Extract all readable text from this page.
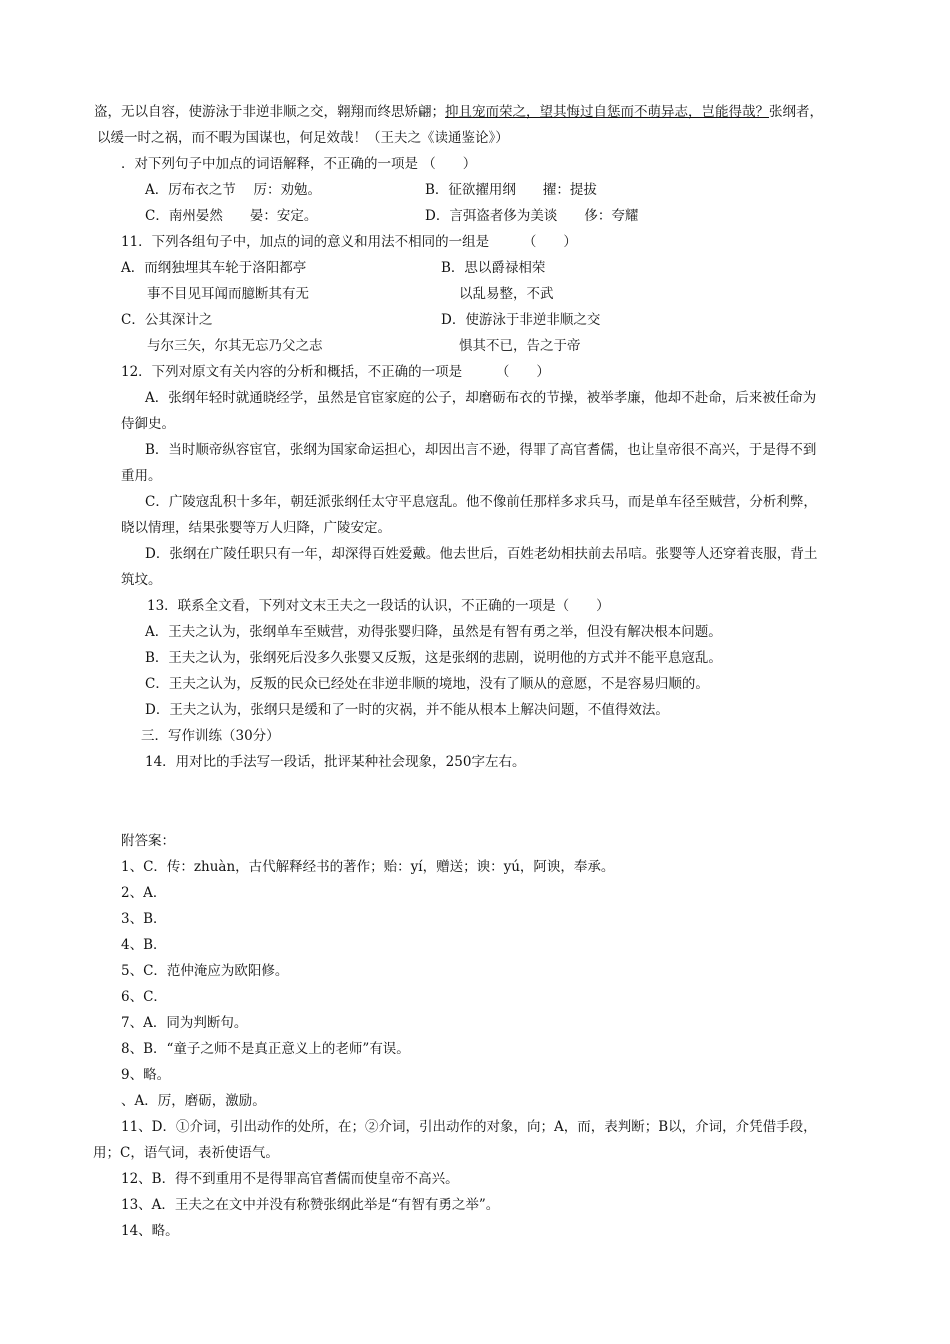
盗，无以自容，使游泳于非逆非顺之交，翱翔而终思矫翩；抑且宠而荣之，望其悔过自惩而不萌异志，岂能得哉？张纲者，
以缓一时之祸，而不暇为国谋也，何足效哉！（王夫之《读通鉴论》）
．对下列句子中加点的词语解释，不正确的一项是 （　　）
A．厉布衣之节　 厉：劝勉。	B．征欲擢用纲　　擢：提拔
C．南州晏然　　晏：安定。	D．言弭盗者侈为美谈　　侈：夸耀
11．下列各组句子中，加点的词的意义和用法不相同的一组是　　　（　　）
A．而纲独埋其车轮于洛阳都亭	B．思以爵禄相荣
事不目见耳闻而臆断其有无	以乱易整，不武
C．公其深计之	D．使游泳于非逆非顺之交
与尔三矢，尔其无忘乃父之志	惧其不已，告之于帝
12．下列对原文有关内容的分析和概括，不正确的一项是　　　（　　）
A．张纲年轻时就通晓经学，虽然是官宦家庭的公子，却磨砺布衣的节操，被举孝廉，他却不赴命，后来被任命为
侍御史。
B．当时顺帝纵容宦官，张纲为国家命运担心，却因出言不逊，得罪了高官耆儒，也让皇帝很不高兴，于是得不到
重用。
C．广陵寇乱积十多年，朝廷派张纲任太守平息寇乱。他不像前任那样多求兵马，而是单车径至贼营，分析利弊，
晓以情理，结果张婴等万人归降，广陵安定。
D．张纲在广陵任职只有一年，却深得百姓爱戴。他去世后，百姓老幼相扶前去吊唁。张婴等人还穿着丧服，背土
筑坟。
13．联系全文看，下列对文末王夫之一段话的认识，不正确的一项是（　　）
A．王夫之认为，张纲单车至贼营，劝得张婴归降，虽然是有智有勇之举，但没有解决根本问题。
B．王夫之认为，张纲死后没多久张婴又反叛，这是张纲的悲剧，说明他的方式并不能平息寇乱。
C．王夫之认为，反叛的民众已经处在非逆非顺的境地，没有了顺从的意愿，不是容易归顺的。
D．王夫之认为，张纲只是缓和了一时的灾祸，并不能从根本上解决问题，不值得效法。
三．写作训练（30分）
14．用对比的手法写一段话，批评某种社会现象，250字左右。
附答案：
1、C．传：zhuàn，古代解释经书的著作；贻：yí，赠送；谀：yú，阿谀，奉承。
2、A．
3、B．
4、B．
5、C．范仲淹应为欧阳修。
6、C．
7、A．同为判断句。
8、B．“童子之师不是真正意义上的老师”有误。
9、略。
、A．厉，磨砺，激励。
11、D．①介词，引出动作的处所，在；②介词，引出动作的对象，向；A，而，表判断；B以，介词，介凭借手段，
用；C，语气词，表祈使语气。
12、B．得不到重用不是得罪高官耆儒而使皇帝不高兴。
13、A．王夫之在文中并没有称赞张纲此举是“有智有勇之举”。
14、略。
